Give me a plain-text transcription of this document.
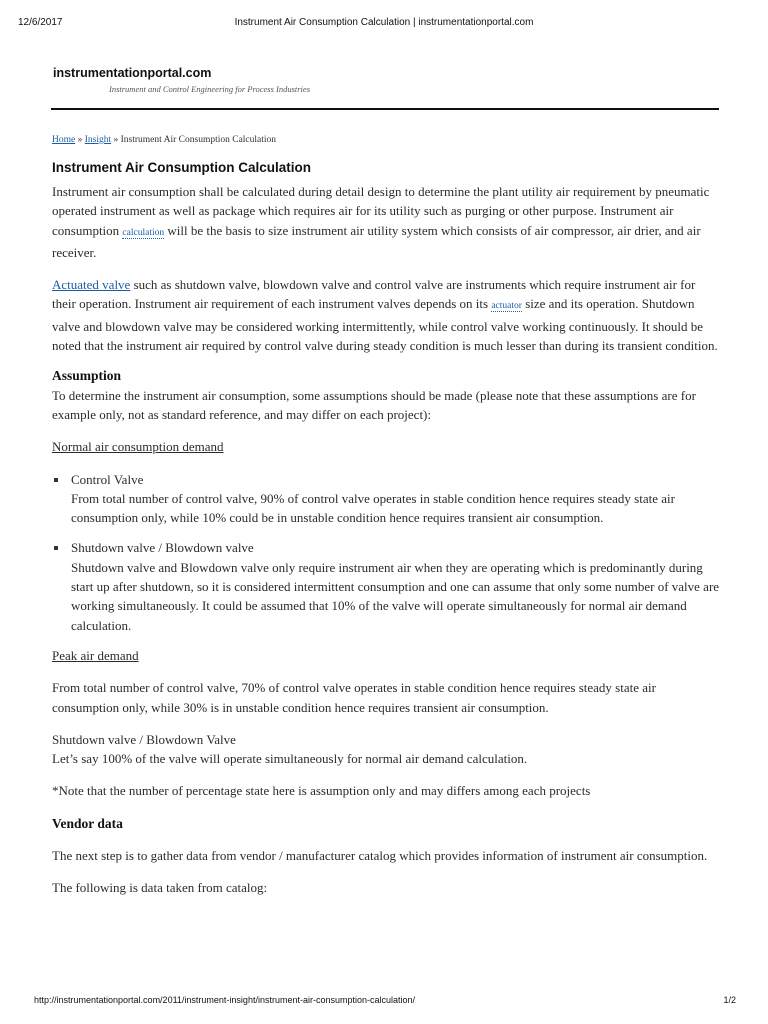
12/6/2017	Instrument Air Consumption Calculation | instrumentationportal.com
instrumentationportal.com
Instrument and Control Engineering for Process Industries
Home » Insight » Instrument Air Consumption Calculation
Instrument Air Consumption Calculation

Instrument air consumption shall be calculated during detail design to determine the plant utility air requirement by pneumatic operated instrument as well as package which requires air for its utility such as purging or other purpose. Instrument air consumption calculation will be the basis to size instrument air utility system which consists of air compressor, air drier, and air receiver.

Actuated valve such as shutdown valve, blowdown valve and control valve are instruments which require instrument air for their operation. Instrument air requirement of each instrument valves depends on its actuator size and its operation. Shutdown valve and blowdown valve may be considered working intermittently, while control valve working continuously. It should be noted that the instrument air required by control valve during steady condition is much lesser than during its transient condition.

Assumption

To determine the instrument air consumption, some assumptions should be made (please note that these assumptions are for example only, not as standard reference, and may differ on each project):

Normal air consumption demand

Control Valve
From total number of control valve, 90% of control valve operates in stable condition hence requires steady state air consumption only, while 10% could be in unstable condition hence requires transient air consumption.
Shutdown valve / Blowdown valve
Shutdown valve and Blowdown valve only require instrument air when they are operating which is predominantly during start up after shutdown, so it is considered intermittent consumption and one can assume that only some number of valve are working simultaneously. It could be assumed that 10% of the valve will operate simultaneously for normal air demand calculation.

Peak air demand

From total number of control valve, 70% of control valve operates in stable condition hence requires steady state air consumption only, while 30% is in unstable condition hence requires transient air consumption.

Shutdown valve / Blowdown Valve
Let’s say 100% of the valve will operate simultaneously for normal air demand calculation.

*Note that the number of percentage state here is assumption only and may differs among each projects

Vendor data

The next step is to gather data from vendor / manufacturer catalog which provides information of instrument air consumption.

The following is data taken from catalog:

http://instrumentationportal.com/2011/instrument-insight/instrument-air-consumption-calculation/	1/2
